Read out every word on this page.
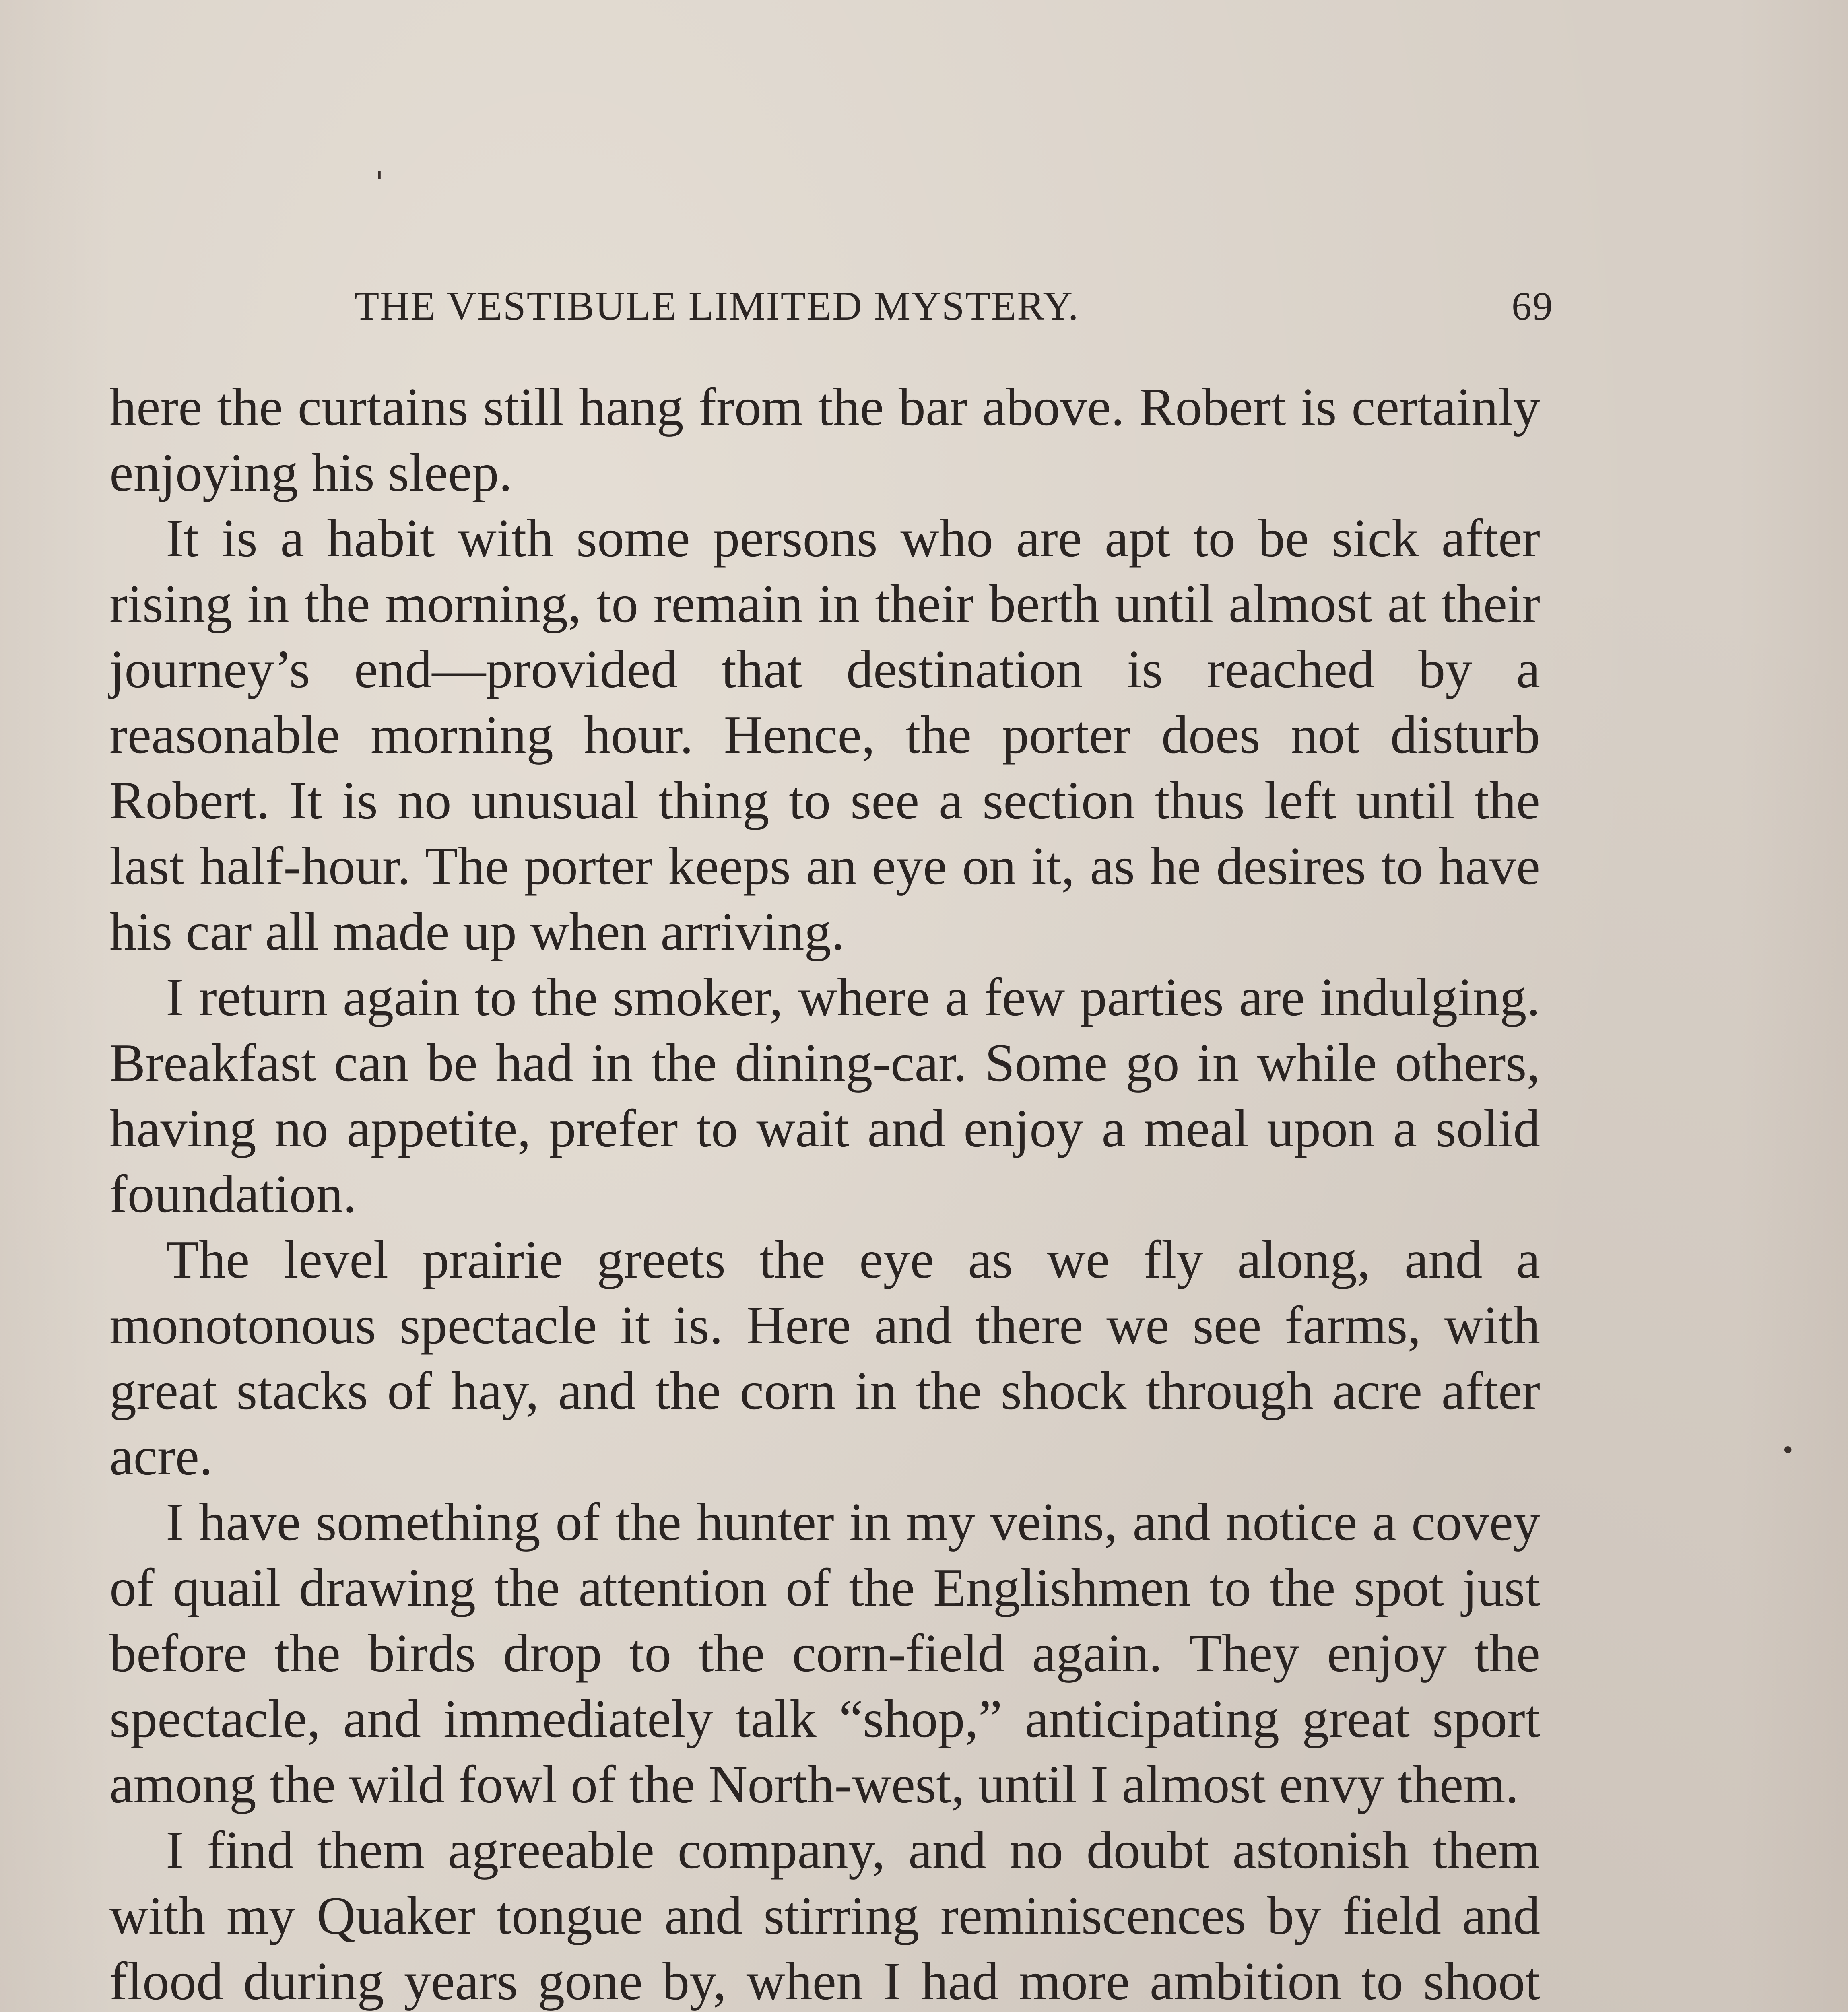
ˈ
•
THE VESTIBULE LIMITED MYSTERY.	69

here the curtains still hang from the bar above. Robert is certainly enjoying his sleep.

It is a habit with some persons who are apt to be sick after rising in the morning, to remain in their berth until almost at their journey’s end—provided that destination is reached by a reasonable morning hour. Hence, the porter does not disturb Robert. It is no unusual thing to see a section thus left until the last half-hour. The porter keeps an eye on it, as he desires to have his car all made up when arriving.

I return again to the smoker, where a few parties are indulging. Breakfast can be had in the dining-car. Some go in while others, having no appetite, prefer to wait and enjoy a meal upon a solid foundation.

The level prairie greets the eye as we fly along, and a monotonous spectacle it is. Here and there we see farms, with great stacks of hay, and the corn in the shock through acre after acre.

I have something of the hunter in my veins, and notice a covey of quail drawing the attention of the Englishmen to the spot just before the birds drop to the corn-field again. They enjoy the spectacle, and immediately talk “shop,” anticipating great sport among the wild fowl of the North-west, until I almost envy them.

I find them agreeable company, and no doubt astonish them with my Quaker tongue and stirring reminiscences by field and flood during years gone by, when I had more ambition to shoot
